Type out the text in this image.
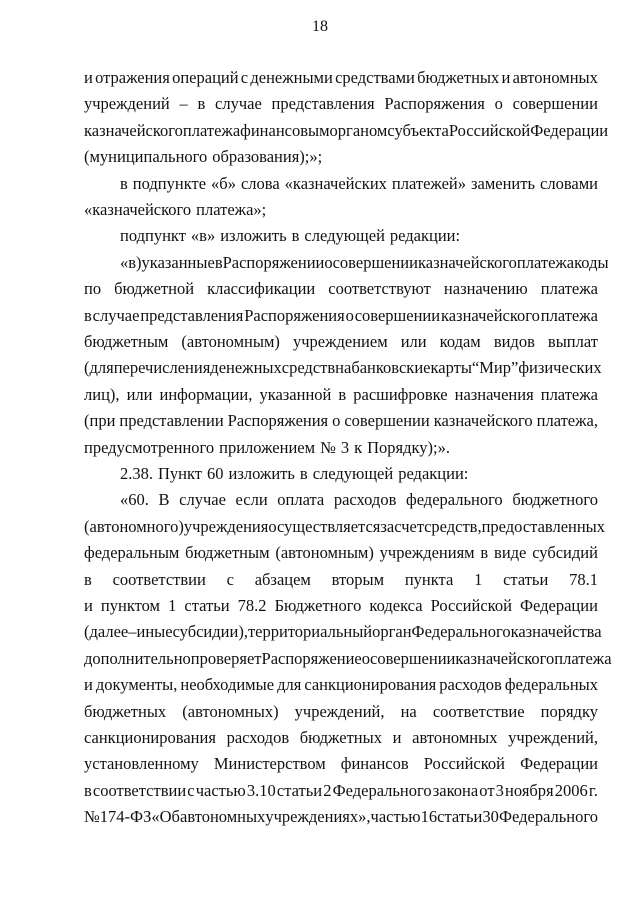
18
и отражения операций с денежными средствами бюджетных и автономных
учреждений – в случае представления Распоряжения о совершении
казначейского платежа финансовым органом субъекта Российской Федерации
(муниципального образования);»;
в подпункте «б» слова «казначейских платежей» заменить словами
«казначейского платежа»;
подпункт «в» изложить в следующей редакции:
«в) указанные в Распоряжении о совершении казначейского платежа коды
по бюджетной классификации соответствуют назначению платежа
в случае представления Распоряжения о совершении казначейского платежа
бюджетным (автономным) учреждением или кодам видов выплат
(для перечисления денежных средств на банковские карты “Мир” физических
лиц), или информации, указанной в расшифровке назначения платежа
(при представлении Распоряжения о совершении казначейского платежа,
предусмотренного приложением № 3 к Порядку);».
2.38. Пункт 60 изложить в следующей редакции:
«60. В случае если оплата расходов федерального бюджетного
(автономного) учреждения осуществляется за счет средств, предоставленных
федеральным бюджетным (автономным) учреждениям в виде субсидий
в соответствии с абзацем вторым пункта 1 статьи 78.1
и пунктом 1 статьи 78.2 Бюджетного кодекса Российской Федерации
(далее – иные субсидии), территориальный орган Федерального казначейства
дополнительно проверяет Распоряжение о совершении казначейского платежа
и документы, необходимые для санкционирования расходов федеральных
бюджетных (автономных) учреждений, на соответствие порядку
санкционирования расходов бюджетных и автономных учреждений,
установленному Министерством финансов Российской Федерации
в соответствии с частью 3.10 статьи 2 Федерального закона от 3 ноября 2006 г.
№ 174-ФЗ «Об автономных учреждениях», частью 16 статьи 30 Федерального
